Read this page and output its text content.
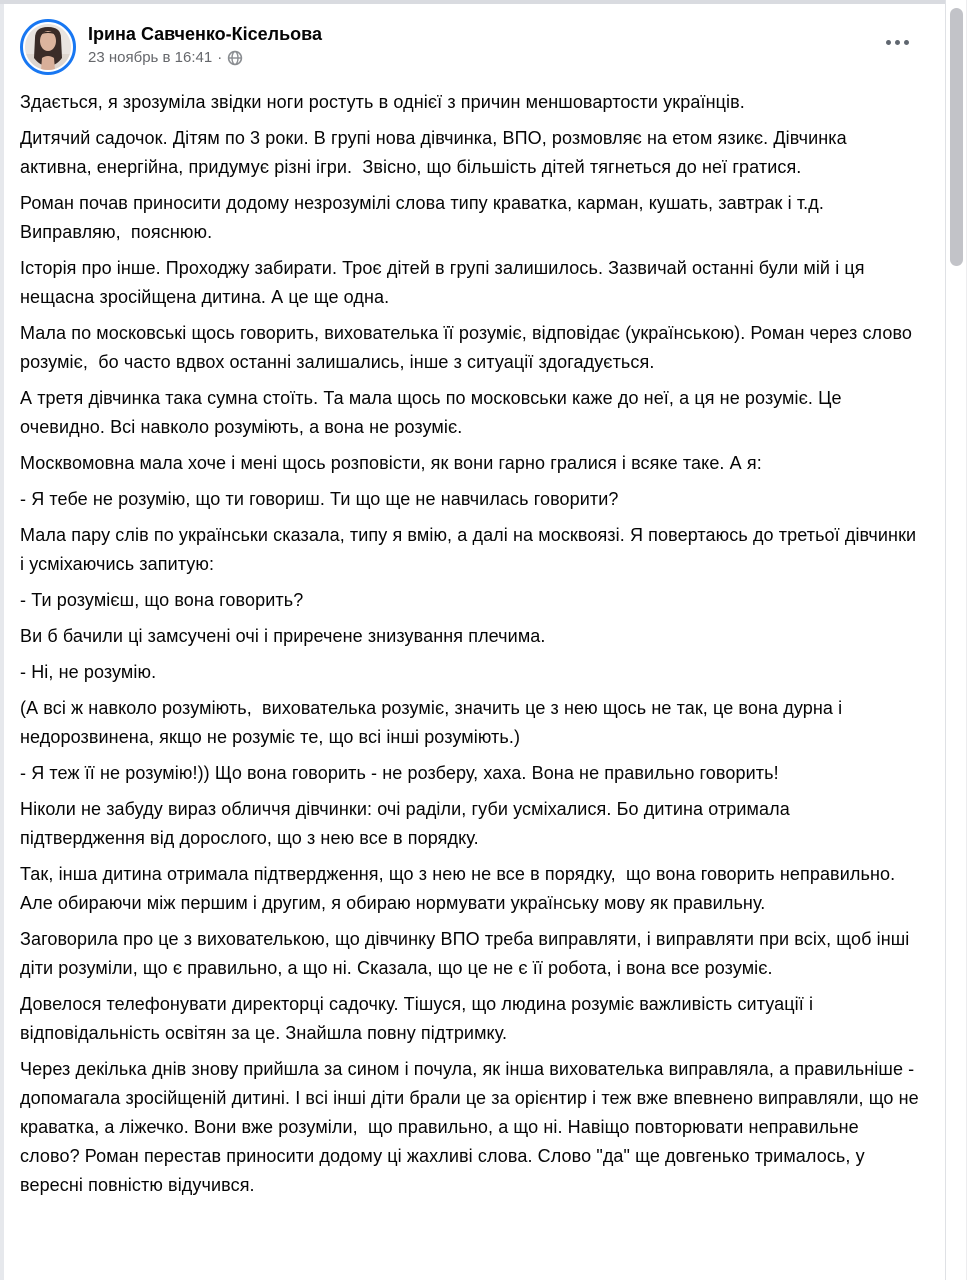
Ірина Савченко-Кісельова
23 ноябрь в 16:41 ·

Здається, я зрозуміла звідки ноги ростуть в однієї з причин меншовартости українців.

Дитячий садочок. Дітям по 3 роки. В групі нова дівчинка, ВПО, розмовляє на етом язикє. Дівчинка активна, енергійна, придумує різні ігри.  Звісно, що більшість дітей тягнеться до неї гратися.

Роман почав приносити додому незрозумілі слова типу краватка, карман, кушать, завтрак і т.д. Виправляю,  пояснюю.

Історія про інше. Проходжу забирати. Троє дітей в групі залишилось. Зазвичай останні були мій і ця нещасна зросійщена дитина. А це ще одна.

Мала по московські щось говорить, вихователька її розуміє, відповідає (українською). Роман через слово розуміє,  бо часто вдвох останні залишались, інше з ситуації здогадується.

А третя дівчинка така сумна стоїть. Та мала щось по московськи каже до неї, а ця не розуміє. Це очевидно. Всі навколо розуміють, а вона не розуміє.

Москвомовна мала хоче і мені щось розповісти, як вони гарно гралися і всяке таке. А я:

- Я тебе не розумію, що ти говориш. Ти що ще не навчилась говорити?

Мала пару слів по українськи сказала, типу я вмію, а далі на москвоязі. Я повертаюсь до третьої дівчинки і усміхаючись запитую:

- Ти розумієш, що вона говорить?

Ви б бачили ці замсучені очі і приречене знизування плечима.

- Ні, не розумію.

(А всі ж навколо розуміють,  вихователька розуміє, значить це з нею щось не так, це вона дурна і недорозвинена, якщо не розуміє те, що всі інші розуміють.)

- Я теж її не розумію!)) Що вона говорить - не розберу, хаха. Вона не правильно говорить!

Ніколи не забуду вираз обличчя дівчинки: очі раділи, губи усміхалися. Бо дитина отримала підтвердження від дорослого, що з нею все в порядку.

Так, інша дитина отримала підтвердження, що з нею не все в порядку,  що вона говорить неправильно. Але обираючи між першим і другим, я обираю нормувати українську мову як правильну.

Заговорила про це з вихователькою, що дівчинку ВПО треба виправляти, і виправляти при всіх, щоб інші діти розуміли, що є правильно, а що ні. Сказала, що це не є її робота, і вона все розуміє.

Довелося телефонувати директорці садочку. Тішуся, що людина розуміє важливість ситуації і відповідальність освітян за це. Знайшла повну підтримку.

Через декілька днів знову прийшла за сином і почула, як інша вихователька виправляла, а правильніше - допомагала зросійщеній дитині. І всі інші діти брали це за орієнтир і теж вже впевнено виправляли, що не краватка, а ліжечко. Вони вже розуміли,  що правильно, а що ні. Навіщо повторювати неправильне слово? Роман перестав приносити додому ці жахливі слова. Слово "да" ще довгенько трималось, у вересні повністю відучився.
